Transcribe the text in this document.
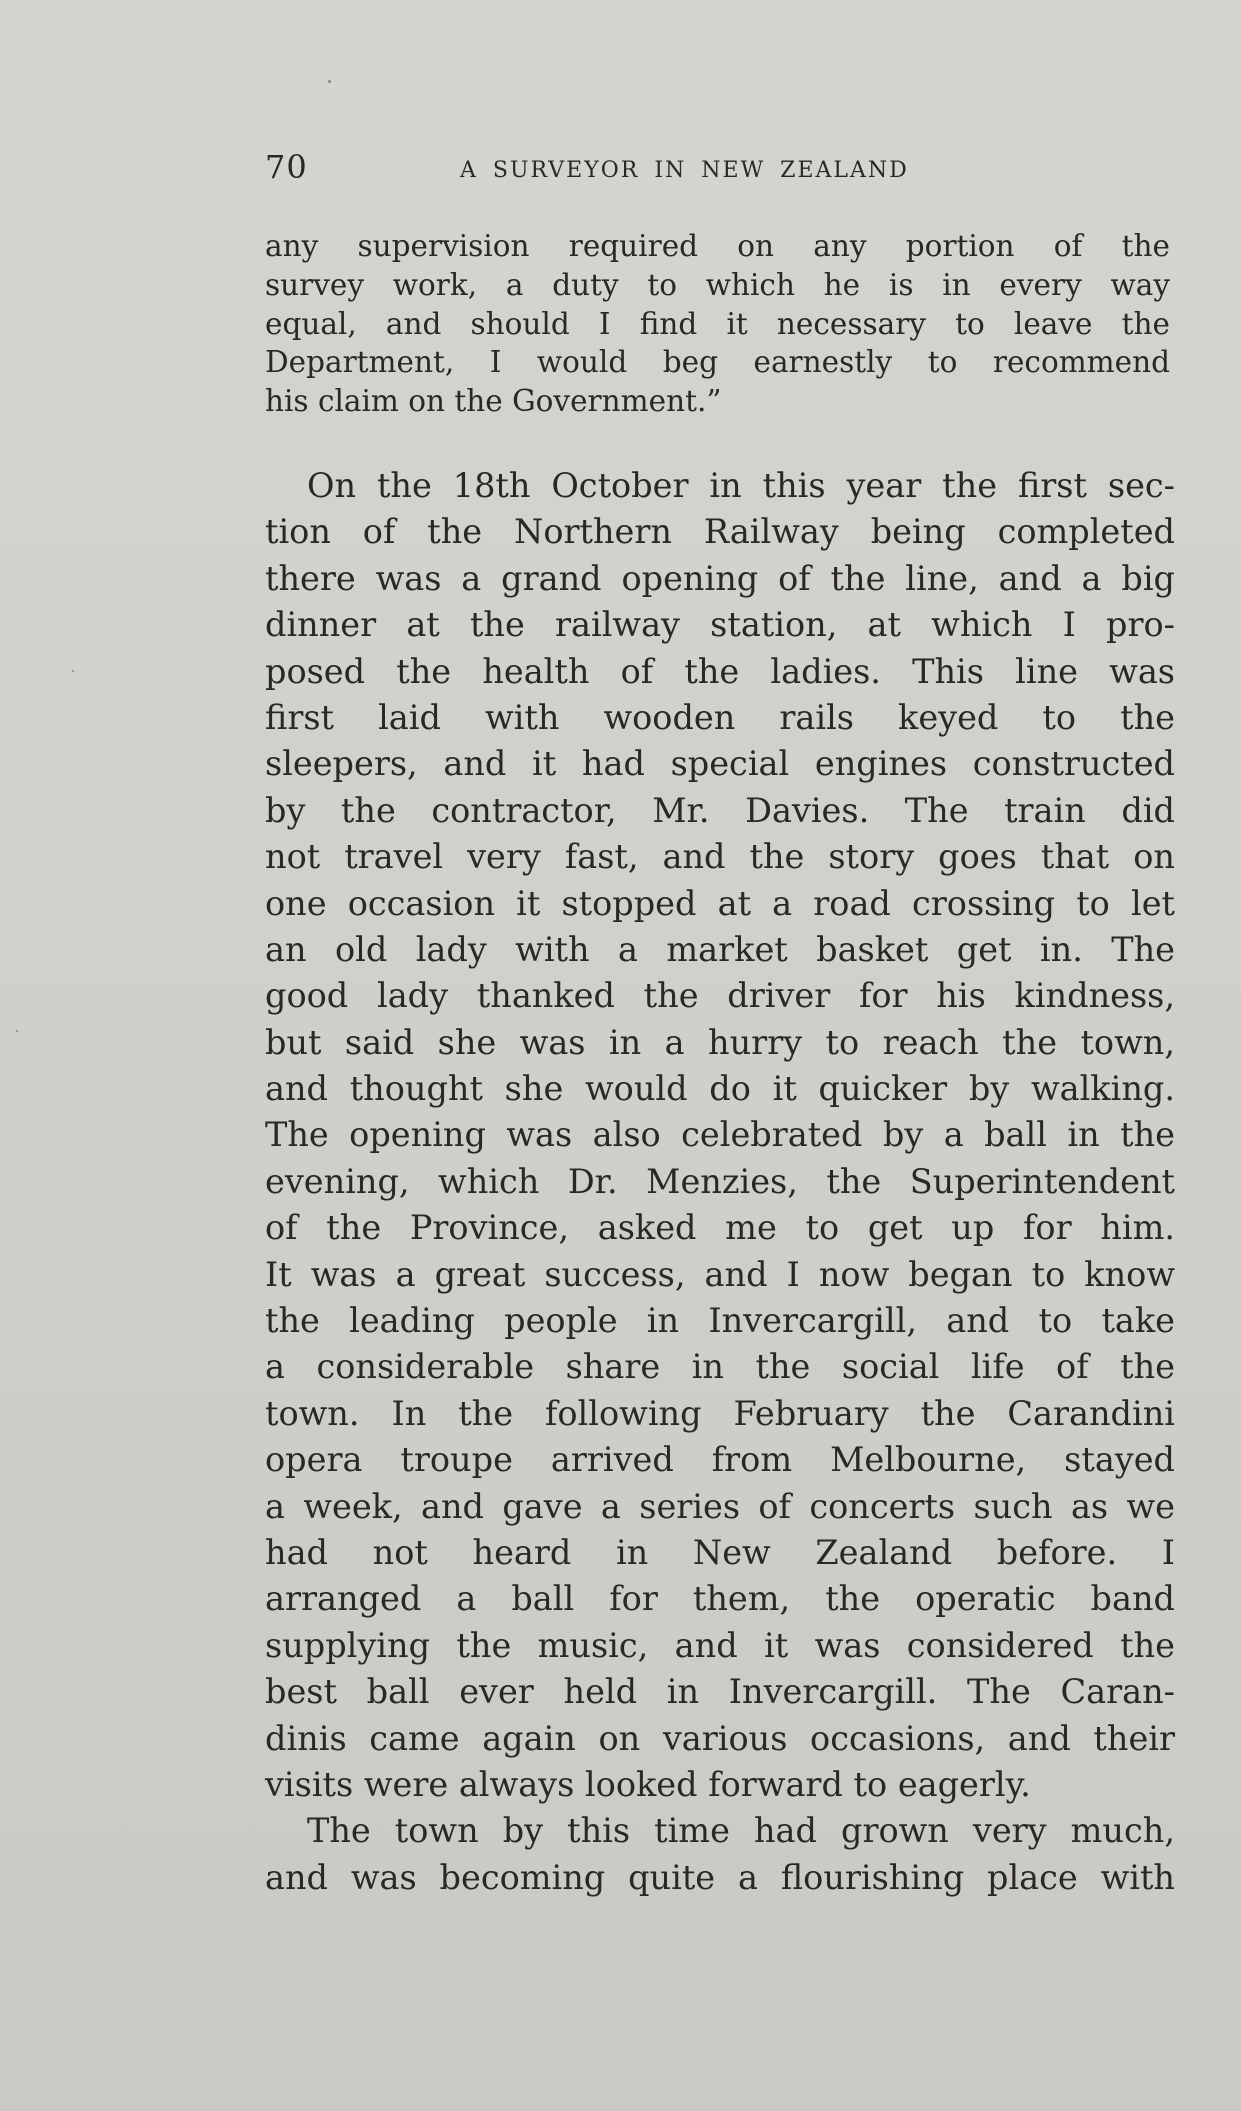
70	A SURVEYOR IN NEW ZEALAND
any supervision required on any portion of the
survey work, a duty to which he is in every way
equal, and should I find it necessary to leave the
Department, I would beg earnestly to recommend
his claim on the Government.”
On the 18th October in this year the first sec-
tion of the Northern Railway being completed
there was a grand opening of the line, and a big
dinner at the railway station, at which I pro-
posed the health of the ladies. This line was
first laid with wooden rails keyed to the
sleepers, and it had special engines constructed
by the contractor, Mr. Davies. The train did
not travel very fast, and the story goes that on
one occasion it stopped at a road crossing to let
an old lady with a market basket get in. The
good lady thanked the driver for his kindness,
but said she was in a hurry to reach the town,
and thought she would do it quicker by walking.
The opening was also celebrated by a ball in the
evening, which Dr. Menzies, the Superintendent
of the Province, asked me to get up for him.
It was a great success, and I now began to know
the leading people in Invercargill, and to take
a considerable share in the social life of the
town. In the following February the Carandini
opera troupe arrived from Melbourne, stayed
a week, and gave a series of concerts such as we
had not heard in New Zealand before. I
arranged a ball for them, the operatic band
supplying the music, and it was considered the
best ball ever held in Invercargill. The Caran-
dinis came again on various occasions, and their
visits were always looked forward to eagerly.
The town by this time had grown very much,
and was becoming quite a flourishing place with
